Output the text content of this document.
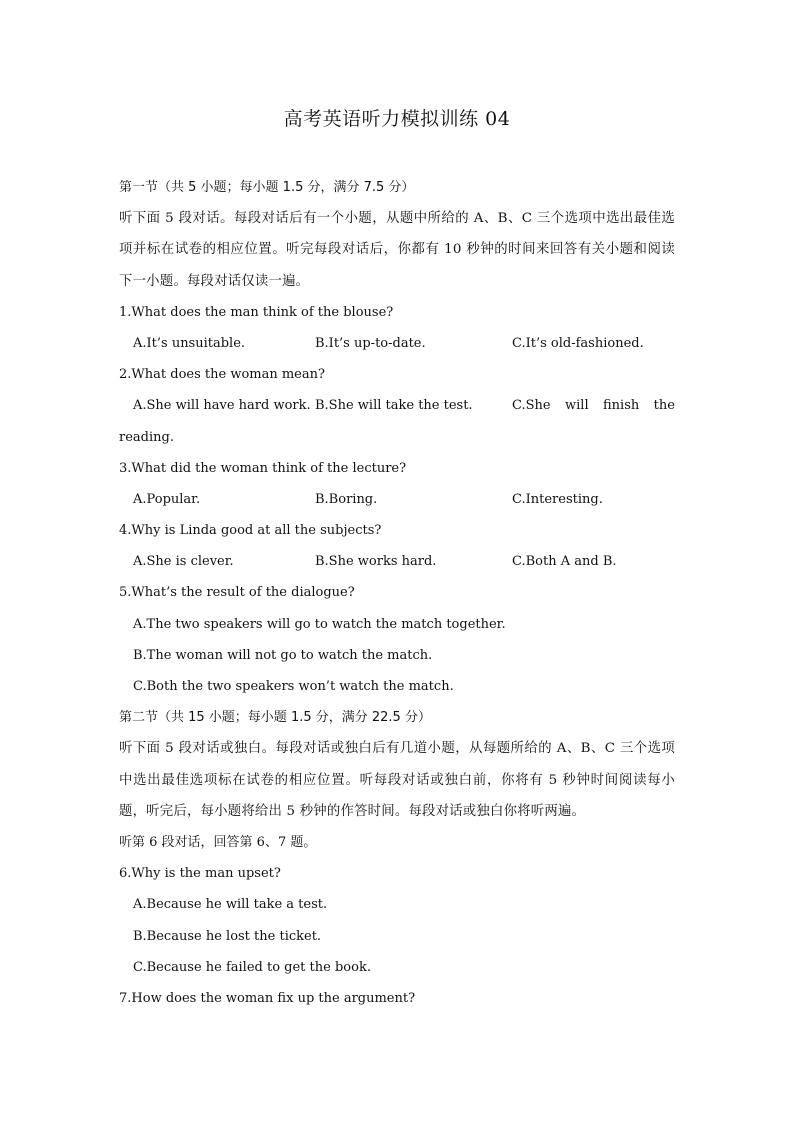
高考英语听力模拟训练 04
第一节（共 5 小题；每小题 1.5 分，满分 7.5 分）
听下面 5 段对话。每段对话后有一个小题，从题中所给的 A、B、C 三个选项中选出最佳选项并标在试卷的相应位置。听完每段对话后，你都有 10 秒钟的时间来回答有关小题和阅读下一小题。每段对话仅读一遍。
1.What does the man think of the blouse?
A.It’s unsuitable.	B.It’s up-to-date.	C.It’s old-fashioned.
2.What does the woman mean?
A.She will have hard work. B.She will take the test.	C.She will finish the
reading.
3.What did the woman think of the lecture?
A.Popular.	B.Boring.	C.Interesting.
4.Why is Linda good at all the subjects?
A.She is clever.	B.She works hard.	C.Both A and B.
5.What’s the result of the dialogue?
A.The two speakers will go to watch the match together.
B.The woman will not go to watch the match.
C.Both the two speakers won’t watch the match.
第二节（共 15 小题；每小题 1.5 分，满分 22.5 分）
听下面 5 段对话或独白。每段对话或独白后有几道小题，从每题所给的 A、B、C 三个选项中选出最佳选项标在试卷的相应位置。听每段对话或独白前，你将有 5 秒钟时间阅读每小题，听完后，每小题将给出 5 秒钟的作答时间。每段对话或独白你将听两遍。
听第 6 段对话，回答第 6、7 题。
6.Why is the man upset?
A.Because he will take a test.
B.Because he lost the ticket.
C.Because he failed to get the book.
7.How does the woman fix up the argument?
